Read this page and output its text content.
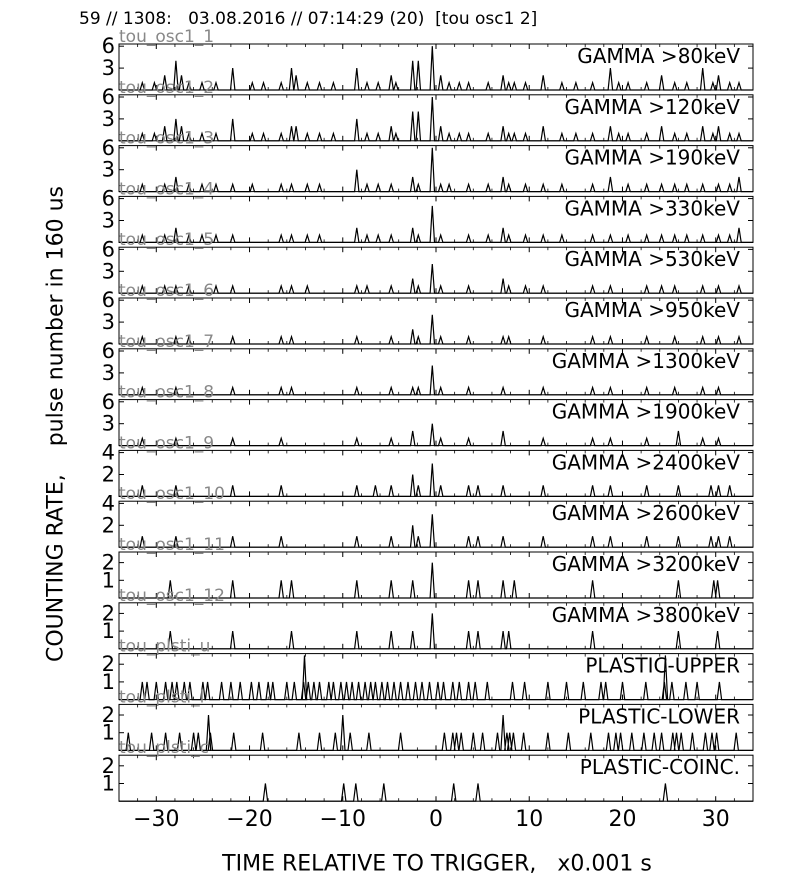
59 // 1308:   03.08.2016 // 07:14:29 (20)  [tou osc1 2]
COUNTING RATE,    pulse number in 160 us
TIME RELATIVE TO TRIGGER,   x0.001 s
3
6 tou_osc1_1
GAMMA >80keV
3
6 tou_osc1_2
GAMMA >120keV
3
6 tou_osc1_3
GAMMA >190keV
3
6 tou_osc1_4
GAMMA >330keV
3
6 tou_osc1_5
GAMMA >530keV
3
6 tou_osc1_6
GAMMA >950keV
3
6 tou_osc1_7
GAMMA >1300keV
3
6 tou_osc1_8
GAMMA >1900keV
2
4 tou_osc1_9
GAMMA >2400keV
2
4 tou_osc1_10
GAMMA >2600keV
1
2
tou_osc1_11
GAMMA >3200keV
1
2
tou_osc1_12
GAMMA >3800keV
1
2
tou_plsti_u
PLASTIC-UPPER
1
2
tou_plsti_l
PLASTIC-LOWER
1
2
tou_plsti_c
PLASTIC-COINC.
−30 −20 −10	0	10	20	30
